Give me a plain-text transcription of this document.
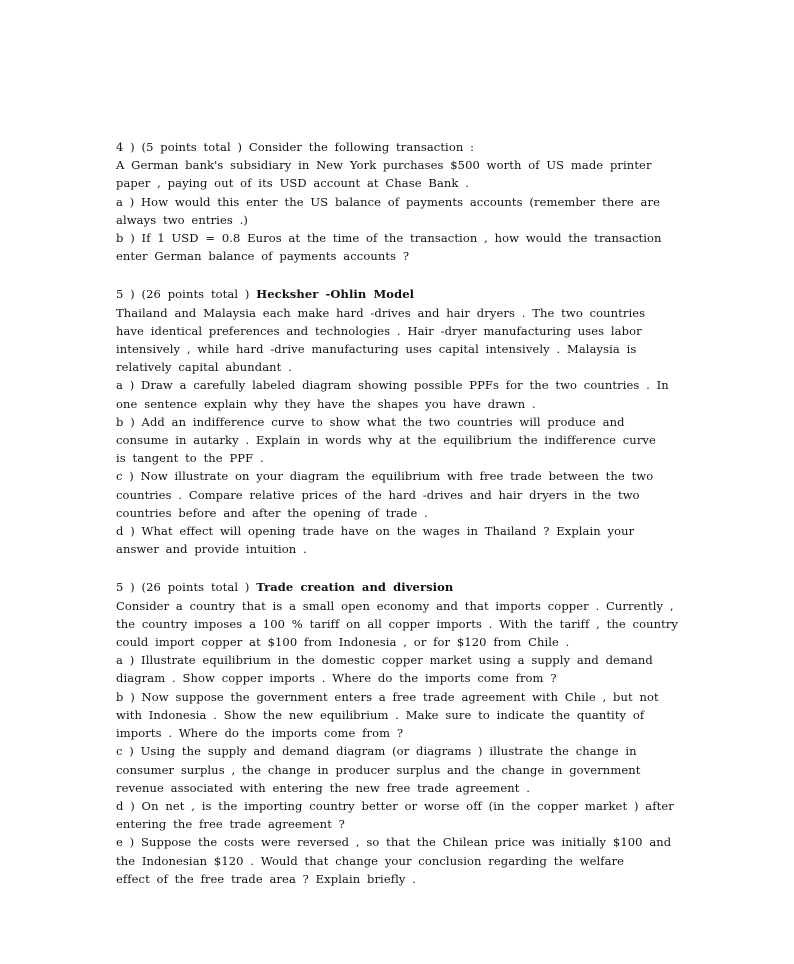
4 ) (5 points total ) Consider the following transaction :
A German bank's subsidiary in New York purchases $500 worth of US made printer
paper , paying out of its USD account at Chase Bank .
a ) How would this enter the US balance of payments accounts (remember there are
always two entries .)
b ) If 1 USD = 0.8 Euros at the time of the transaction , how would the transaction
enter German balance of payments accounts ?
5 ) (26 points total ) Hecksher -Ohlin Model
Thailand and Malaysia each make hard -drives and hair dryers . The two countries
have identical preferences and technologies . Hair -dryer manufacturing uses labor
intensively , while hard -drive manufacturing uses capital intensively . Malaysia is
relatively capital abundant .
a ) Draw a carefully labeled diagram showing possible PPFs for the two countries . In
one sentence explain why they have the shapes you have drawn .
b ) Add an indifference curve to show what the two countries will produce and
consume in autarky . Explain in words why at the equilibrium the indifference curve
is tangent to the PPF .
c ) Now illustrate on your diagram the equilibrium with free trade between the two
countries . Compare relative prices of the hard -drives and hair dryers in the two
countries before and after the opening of trade .
d ) What effect will opening trade have on the wages in Thailand ? Explain your
answer and provide intuition .
5 ) (26 points total ) Trade creation and diversion
Consider a country that is a small open economy and that imports copper . Currently ,
the country imposes a 100 % tariff on all copper imports . With the tariff , the country
could import copper at $100 from Indonesia , or for $120 from Chile .
a ) Illustrate equilibrium in the domestic copper market using a supply and demand
diagram . Show copper imports . Where do the imports come from ?
b ) Now suppose the government enters a free trade agreement with Chile , but not
with Indonesia . Show the new equilibrium . Make sure to indicate the quantity of
imports . Where do the imports come from ?
c ) Using the supply and demand diagram (or diagrams ) illustrate the change in
consumer surplus , the change in producer surplus and the change in government
revenue associated with entering the new free trade agreement .
d ) On net , is the importing country better or worse off (in the copper market ) after
entering the free trade agreement ?
e ) Suppose the costs were reversed , so that the Chilean price was initially $100 and
the Indonesian $120 . Would that change your conclusion regarding the welfare
effect of the free trade area ? Explain briefly .
